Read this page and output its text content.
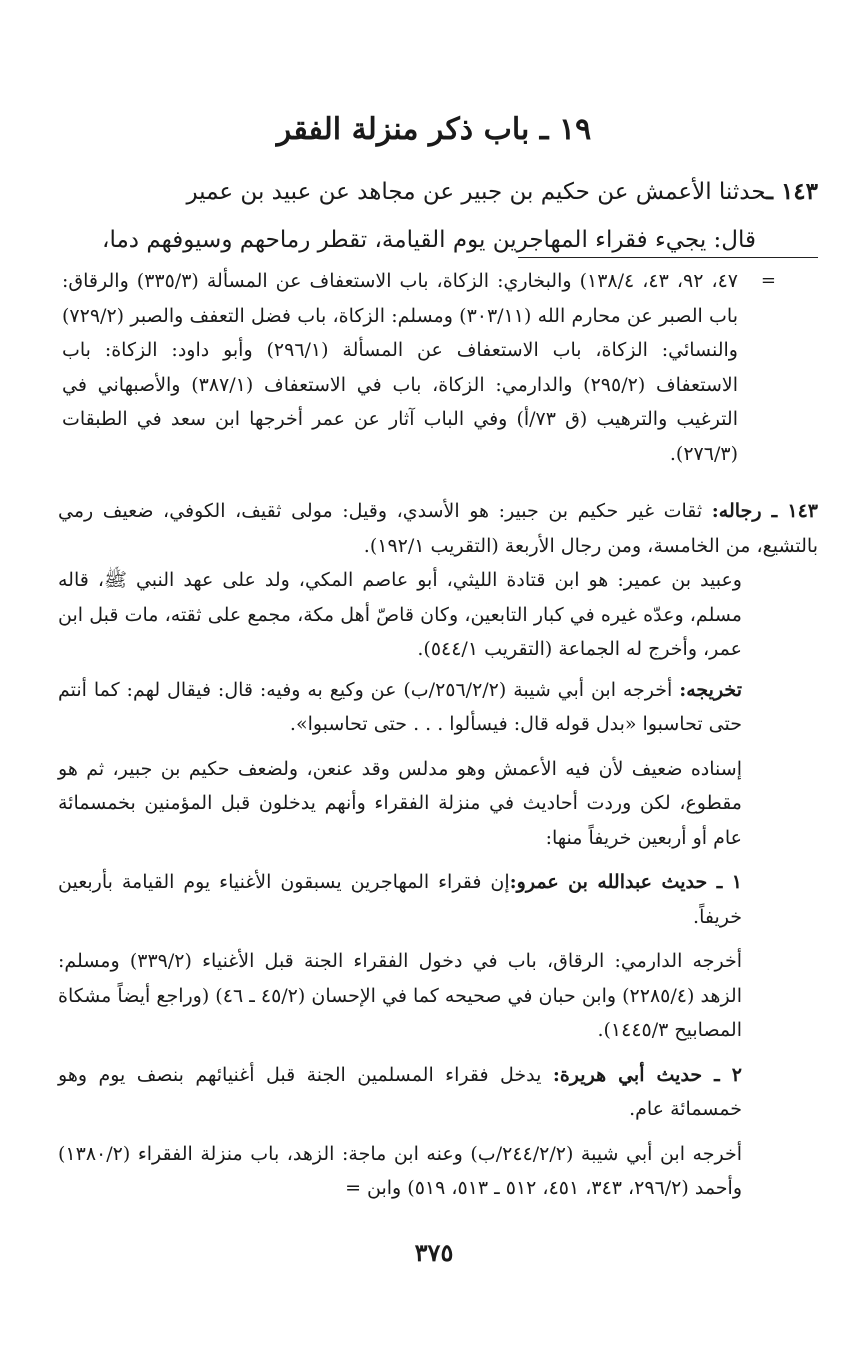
١٩ ـ باب ذكر منزلة الفقر
١٤٣ ـحدثنا الأعمش عن حكيم بن جبير عن مجاهد عن عبيد بن عمير
قال: يجيء فقراء المهاجرين يوم القيامة، تقطر رماحهم وسيوفهم دما،
=
٤٧، ٩٢، ٤٣، ١٣٨/٤) والبخاري: الزكاة، باب الاستعفاف عن المسألة (٣٣٥/٣) والرقاق: باب الصبر عن محارم الله (٣٠٣/١١) ومسلم: الزكاة، باب فضل التعفف والصبر (٧٢٩/٢) والنسائي: الزكاة، باب الاستعفاف عن المسألة (٢٩٦/١) وأبو داود: الزكاة: باب الاستعفاف (٢٩٥/٢) والدارمي: الزكاة، باب في الاستعفاف (٣٨٧/١) والأصبهاني في الترغيب والترهيب (ق ٧٣/أ) وفي الباب آثار عن عمر أخرجها ابن سعد في الطبقات (٢٧٦/٣).

١٤٣ ـ رجاله: ثقات غير حكيم بن جبير: هو الأسدي، وقيل: مولى ثقيف، الكوفي، ضعيف رمي بالتشيع، من الخامسة، ومن رجال الأربعة (التقريب ١٩٢/١).

وعبيد بن عمير: هو ابن قتادة الليثي، أبو عاصم المكي، ولد على عهد النبي ﷺ، قاله مسلم، وعدّه غيره في كبار التابعين، وكان قاصّ أهل مكة، مجمع على ثقته، مات قبل ابن عمر، وأخرج له الجماعة (التقريب ٥٤٤/١).

تخريجه: أخرجه ابن أبي شيبة (٢٥٦/٢/٢/ب) عن وكيع به وفيه: قال: فيقال لهم: كما أنتم حتى تحاسبوا «بدل قوله قال: فيسألوا . . . حتى تحاسبوا».

إسناده ضعيف لأن فيه الأعمش وهو مدلس وقد عنعن، ولضعف حكيم بن جبير، ثم هو مقطوع، لكن وردت أحاديث في منزلة الفقراء وأنهم يدخلون قبل المؤمنين بخمسمائة عام أو أربعين خريفاً منها:

١ ـ حديث عبدالله بن عمرو:إن فقراء المهاجرين يسبقون الأغنياء يوم القيامة بأربعين خريفاً.

أخرجه الدارمي: الرقاق، باب في دخول الفقراء الجنة قبل الأغنياء (٣٣٩/٢) ومسلم: الزهد (٢٢٨٥/٤) وابن حبان في صحيحه كما في الإحسان (٤٥/٢ ـ ٤٦) (وراجع أيضاً مشكاة المصابيح ١٤٤٥/٣).

٢ ـ حديث أبي هريرة: يدخل فقراء المسلمين الجنة قبل أغنيائهم بنصف يوم وهو خمسمائة عام.

أخرجه ابن أبي شيبة (٢٤٤/٢/٢/ب) وعنه ابن ماجة: الزهد، باب منزلة الفقراء (١٣٨٠/٢) وأحمد (٢٩٦/٢، ٣٤٣، ٤٥١، ٥١٢ ـ ٥١٣، ٥١٩) وابن =

٣٧٥
